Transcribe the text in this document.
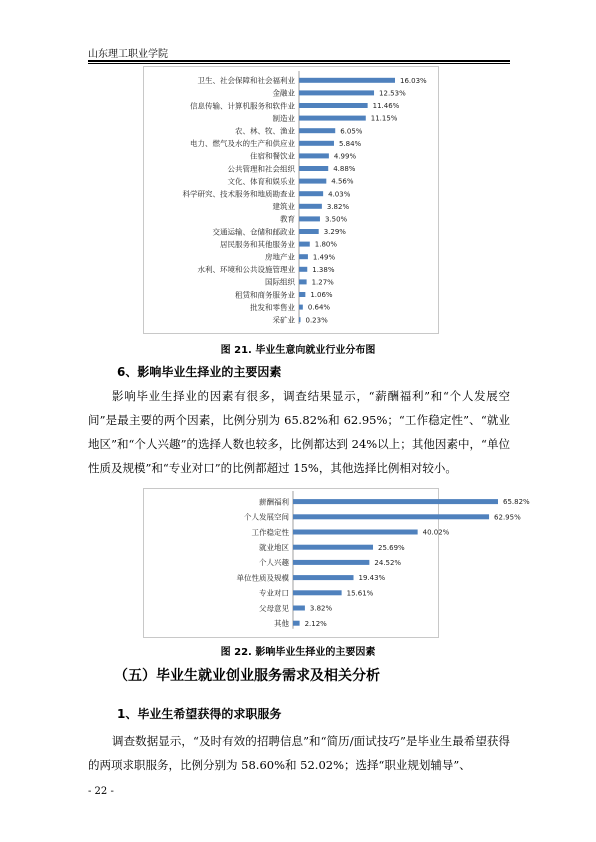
山东理工职业学院
卫生、社会保障和社会福利业	16.03%
金融业	12.53%
信息传输、计算机服务和软件业	11.46%
制造业	11.15%
农、林、牧、渔业	6.05%
电力、燃气及水的生产和供应业	5.84%
住宿和餐饮业	4.99%
公共管理和社会组织	4.88%
文化、体育和娱乐业	4.56%
科学研究、技术服务和地质勘查业	4.03%
建筑业	3.82%
教育	3.50%
交通运输、仓储和邮政业	3.29%
居民服务和其他服务业	1.80%
房地产业	1.49%
水利、环境和公共设施管理业 1.38%
国际组织 1.27%
租赁和商务服务业 1.06%
批发和零售业 0.64%
采矿业 0.23%
图 21. 毕业生意向就业行业分布图
6、影响毕业生择业的主要因素
影响毕业生择业的因素有很多，调查结果显示，“薪酬福利”和“个人发展空间”是最主要的两个因素，比例分别为 65.82%和 62.95%；“工作稳定性”、“就业地区”和“个人兴趣”的选择人数也较多，比例都达到 24%以上；其他因素中，“单位性质及规模”和“专业对口”的比例都超过 15%，其他选择比例相对较小。
薪酬福利	65.82%
个人发展空间	62.95%
工作稳定性	40.02%
就业地区	25.69%
个人兴趣	24.52%
单位性质及规模	19.43%
专业对口	15.61%
父母意见	3.82%
其他 2.12%
图 22. 影响毕业生择业的主要因素
（五）毕业生就业创业服务需求及相关分析
1、毕业生希望获得的求职服务
调查数据显示，“及时有效的招聘信息”和“简历/面试技巧”是毕业生最希望获得的两项求职服务，比例分别为 58.60%和 52.02%；选择“职业规划辅导”、
- 22 -
